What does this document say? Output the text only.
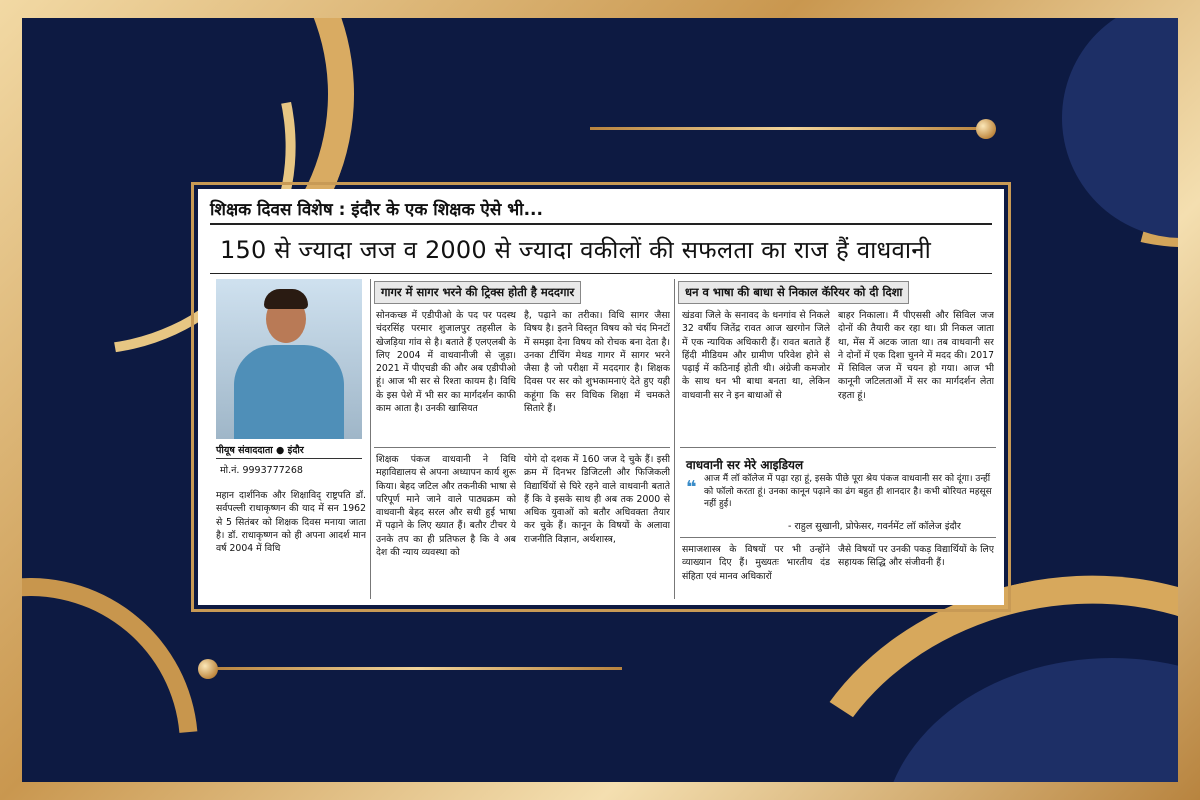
शिक्षक दिवस विशेष : इंदौर के एक शिक्षक ऐसे भी...
150 से ज्यादा जज व 2000 से ज्यादा वकीलों की सफलता का राज हैं वाधवानी
पीयूष संवाददाता ● इंदौर
मो.नं. 9993777268
महान दार्शनिक और शिक्षाविद् राष्ट्रपति डॉ. सर्वपल्ली राधाकृष्णन की याद में सन 1962 से 5 सितंबर को शिक्षक दिवस मनाया जाता है। डॉ. राधाकृष्णन को ही अपना आदर्श मान वर्ष 2004 में विधि
गागर में सागर भरने की ट्रिक्स होती है मददगार	धन व भाषा की बाधा से निकाल कॅरियर को दी दिशा
सोनकच्छ में एडीपीओ के पद पर पदस्थ चंदरसिंह परमार शुजालपुर तहसील के खेजड़िया गांव से है। बताते हैं एलएलबी के लिए 2004 में वाधवानीजी से जुड़ा। 2021 में पीएचडी की और अब एडीपीओ हूं। आज भी सर से रिश्ता कायम है। विधि के इस पेशे में भी सर का मार्गदर्शन काफी काम आता है। उनकी खासियत
है, पढ़ाने का तरीका। विधि सागर जैसा विषय है। इतने विस्तृत विषय को चंद मिनटों में समझा देना विषय को रोचक बना देता है। उनका टीचिंग मेथड गागर में सागर भरने जैसा है जो परीक्षा में मददगार है। शिक्षक दिवस पर सर को शुभकामनाएं देते हुए यही कहूंगा कि सर विधिक शिक्षा में चमकते सितारे हैं।
शिक्षक पंकज वाधवानी ने विधि महाविद्यालय से अपना अध्यापन कार्य शुरू किया। बेहद जटिल और तकनीकी भाषा से परिपूर्ण माने जाने वाले पाठ्यक्रम को वाधवानी बेहद सरल और सधी हुई भाषा में पढ़ाने के लिए ख्यात हैं। बतौर टीचर ये उनके तप का ही प्रतिफल है कि वे अब देश की न्याय व्यवस्था को
योगे दो दशक में 160 जज दे चुके हैं। इसी क्रम में दिनभर डिजिटली और फिजिकली विद्यार्थियों से घिरे रहने वाले वाधवानी बताते हैं कि वे इसके साथ ही अब तक 2000 से अधिक युवाओं को बतौर अधिवक्ता तैयार कर चुके हैं। कानून के विषयों के अलावा राजनीति विज्ञान, अर्थशास्त्र,
खंडवा जिले के सनावद के धनगांव से निकले 32 वर्षीय जितेंद्र रावत आज खरगोन जिले में एक न्यायिक अधिकारी हैं। रावत बताते हैं हिंदी मीडियम और ग्रामीण परिवेश होने से पढ़ाई में कठिनाई होती थी। अंग्रेजी कमजोर के साथ धन भी बाधा बनता था, लेकिन वाधवानी सर ने इन बाधाओं से
बाहर निकाला। मैं पीएससी और सिविल जज दोनों की तैयारी कर रहा था। प्री निकल जाता था, मेंस में अटक जाता था। तब वाधवानी सर ने दोनों में एक दिशा चुनने में मदद की। 2017 में सिविल जज में चयन हो गया। आज भी कानूनी जटिलताओं में सर का मार्गदर्शन लेता रहता हूं।
वाधवानी सर मेरे आइडियल
❝ आज मैं लॉ कॉलेज में पढ़ा रहा हूं, इसके पीछे पूरा श्रेय पंकज वाधवानी सर को दूंगा। उन्हीं को फॉलो करता हूं। उनका कानून पढ़ाने का ढंग बहुत ही शानदार है। कभी बोरियत महसूस नहीं हुई।
- राहुल सुखानी, प्रोफेसर, गवर्नमेंट लॉ कॉलेज इंदौर
समाजशास्त्र के विषयों पर भी उन्होंने व्याख्यान दिए हैं। मुख्यतः भारतीय दंड संहिता एवं मानव अधिकारों
जैसे विषयों पर उनकी पकड़ विद्यार्थियों के लिए सहायक सिद्धि और संजीवनी हैं।
